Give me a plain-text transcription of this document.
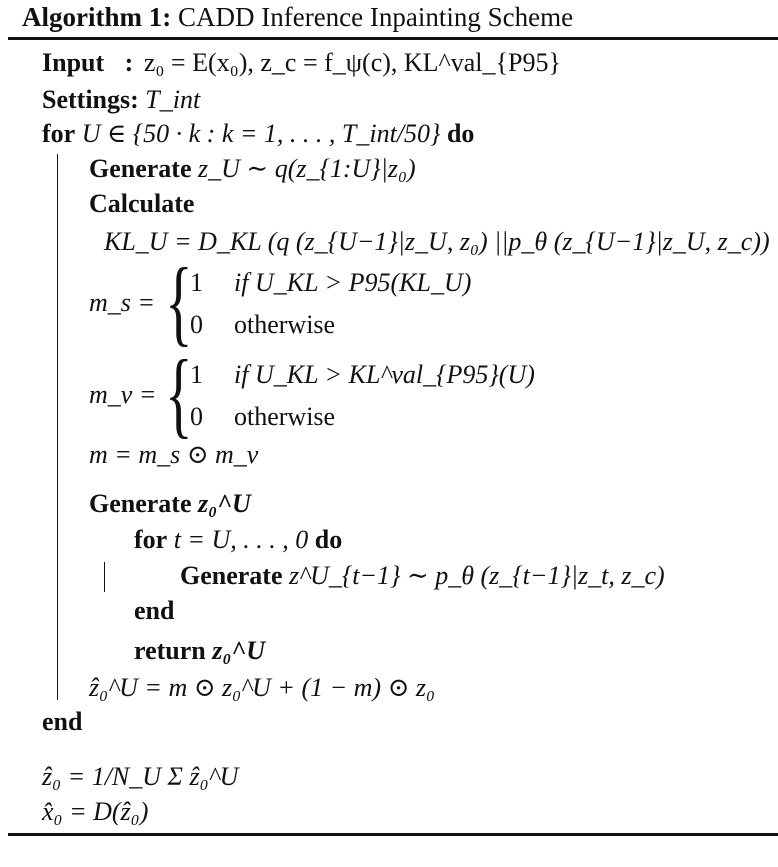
Algorithm 1: CADD Inference Inpainting Scheme
Input : z₀ = E(x₀), z_c = f_ψ(c), KL^val_{P95}
Settings: T_int
for U ∈ {50 · k : k = 1, . . . , T_int/50} do
Generate z_U ∼ q(z_{1:U}|z₀)
Calculate
KL_U = D_KL (q (z_{U−1}|z_U, z₀) ||p_θ (z_{U−1}|z_U, z_c))
m_s = {
1 if U_KL > P95(KL_U)
0 otherwise
m_v = {
1 if U_KL > KL^val_{P95}(U)
0 otherwise
m = m_s ⊙ m_v
Generate z₀^U
for t = U, . . . , 0 do
Generate z^U_{t−1} ∼ p_θ (z_{t−1}|z_t, z_c)
end
return z₀^U
ẑ₀^U = m ⊙ z₀^U + (1 − m) ⊙ z₀
end
ẑ₀ = 1/N_U Σ ẑ₀^U
x̂₀ = D(ẑ₀)
